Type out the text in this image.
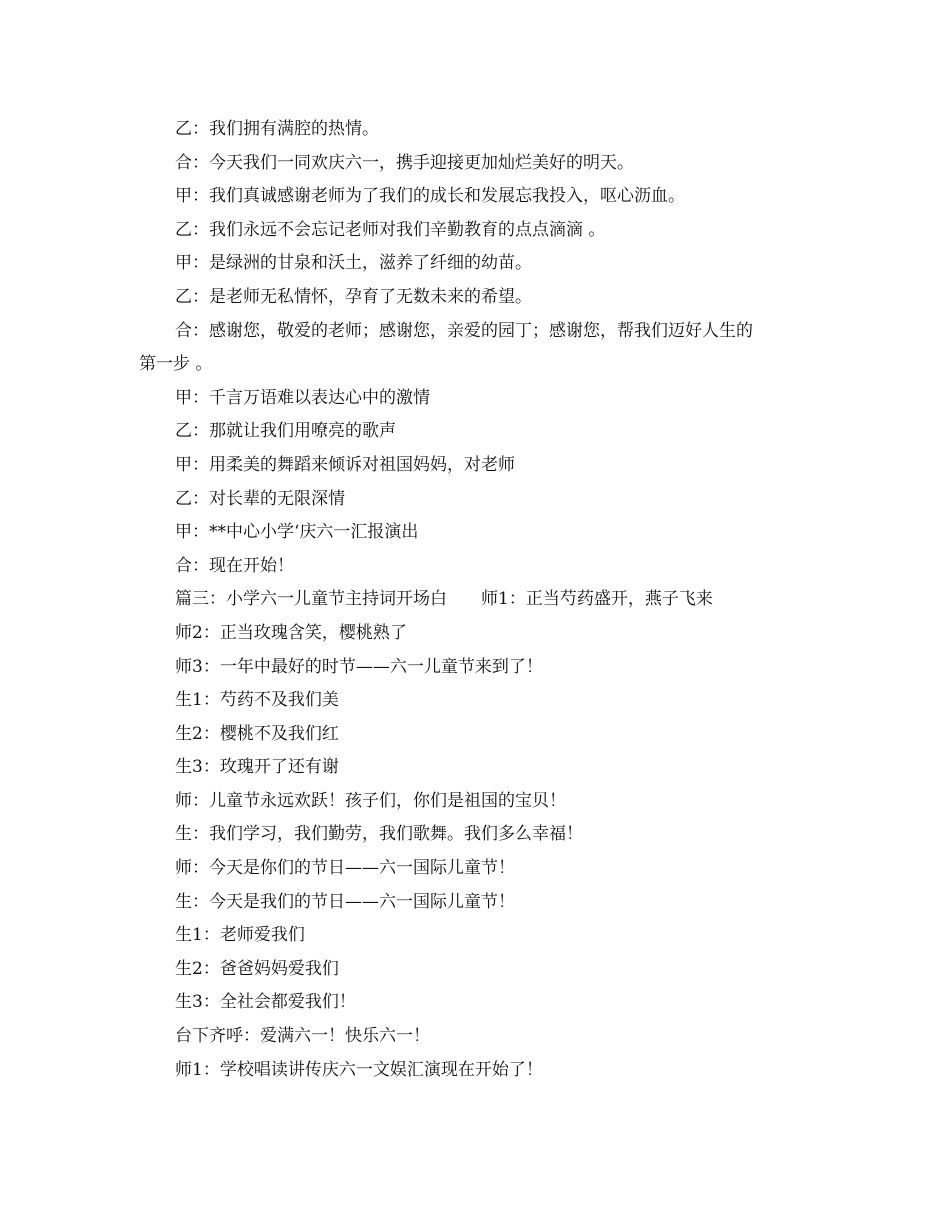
乙：我们拥有满腔的热情。
合：今天我们一同欢庆六一，携手迎接更加灿烂美好的明天。
甲：我们真诚感谢老师为了我们的成长和发展忘我投入，呕心沥血。
乙：我们永远不会忘记老师对我们辛勤教育的点点滴滴 。
甲：是绿洲的甘泉和沃土，滋养了纤细的幼苗。
乙：是老师无私情怀，孕育了无数未来的希望。
合：感谢您，敬爱的老师；感谢您，亲爱的园丁；感谢您，帮我们迈好人生的
第一步 。
甲：千言万语难以表达心中的激情
乙：那就让我们用嘹亮的歌声
甲：用柔美的舞蹈来倾诉对祖国妈妈，对老师
乙：对长辈的无限深情
甲：**中心小学‘庆六一汇报演出
合：现在开始！
篇三：小学六一儿童节主持词开场白　　师1：正当芍药盛开，燕子飞来
师2：正当玫瑰含笑，樱桃熟了
师3：一年中最好的时节——六一儿童节来到了！
生1：芍药不及我们美
生2：樱桃不及我们红
生3：玫瑰开了还有谢
师：儿童节永远欢跃！孩子们，你们是祖国的宝贝！
生：我们学习，我们勤劳，我们歌舞。我们多么幸福！
师：今天是你们的节日——六一国际儿童节！
生：今天是我们的节日——六一国际儿童节！
生1：老师爱我们
生2：爸爸妈妈爱我们
生3：全社会都爱我们！
台下齐呼：爱满六一！快乐六一！
师1：学校唱读讲传庆六一文娱汇演现在开始了！
